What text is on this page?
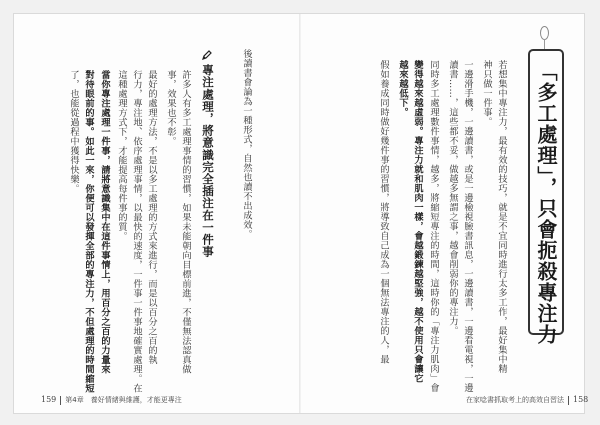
後讀書會論為一種形式，自然也讀不出成效。
專注處理，將意識完全插注在一件事
許多人有多工處理事情的習慣，如果未能朝向目標前進，不僅無法認真做
事，效果也不彰。
最好的處理方法，不是以多工處理的方式來進行，而是以百分之百的執
行力，專注地、依序處理事情，以最快的速度，一件事一件事地確實處理。在
這種處理方式下，才能提高每件事的質。
當你專注處理一件事，請將意識集中在這件事情上，用百分之百的力量來
對待眼前的事。如此一來，你便可以發揮全部的專注力，不但處理的時間縮短
了，也能從過程中獲得快樂。
159 第4章　養好情緒與維護，才能更專注
「多工處理」，只會扼殺專注力
若想集中專注力，最有效的技巧，就是不宜同時進行太多工作，最好集中精
神只做一件事。
一邊滑手機，一邊讀書，或是一邊檢視臉書訊息，一邊讀書，一邊看電視，一邊
讀書……，這些都不妥，做越多無謂之事，越會削弱你的專注力。
同時多工處理數件事情，越多，將縮短專注的時間，這時你的「專注力肌肉」會
變得越來越虛弱。專注力就和肌肉一樣，會越鍛鍊越堅強，越不使用只會讓它
越來越低下。
假如養成同時做好幾件事的習慣，將導致自己成為一個無法專注的人，最
在家唸書抓取考上的高效自習法 158
